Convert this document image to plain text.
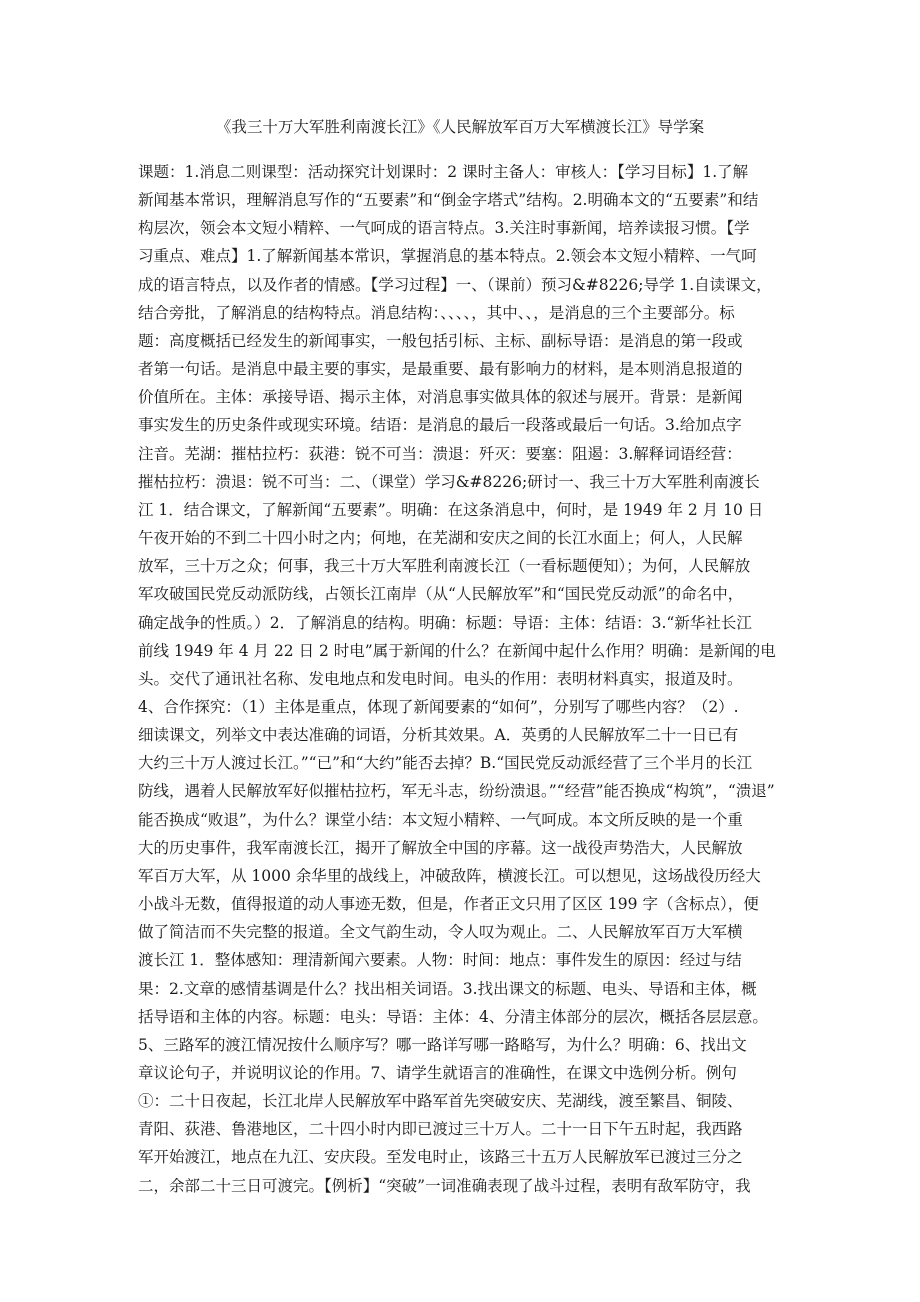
《我三十万大军胜利南渡长江》《人民解放军百万大军横渡长江》导学案
课题：1.消息二则课型：活动探究计划课时：2 课时主备人：审核人：【学习目标】1.了解
新闻基本常识，理解消息写作的“五要素”和“倒金字塔式”结构。2.明确本文的“五要素”和结
构层次，领会本文短小精粹、一气呵成的语言特点。3.关注时事新闻，培养读报习惯。【学
习重点、难点】1.了解新闻基本常识，掌握消息的基本特点。2.领会本文短小精粹、一气呵
成的语言特点，以及作者的情感。【学习过程】一、（课前）预习&#8226;导学 1.自读课文，
结合旁批，了解消息的结构特点。消息结构：、、、、，其中、、，是消息的三个主要部分。标
题：高度概括已经发生的新闻事实，一般包括引标、主标、副标导语：是消息的第一段或
者第一句话。是消息中最主要的事实，是最重要、最有影响力的材料，是本则消息报道的
价值所在。主体：承接导语、揭示主体，对消息事实做具体的叙述与展开。背景：是新闻
事实发生的历史条件或现实环境。结语：是消息的最后一段落或最后一句话。3.给加点字
注音。芜湖：摧枯拉朽：荻港：锐不可当：溃退：歼灭：要塞：阻遏：3.解释词语经营：
摧枯拉朽：溃退：锐不可当：二、（课堂）学习&#8226;研讨一、我三十万大军胜利南渡长
江 1．结合课文，了解新闻“五要素”。明确：在这条消息中，何时，是 1949 年 2 月 10 日
午夜开始的不到二十四小时之内；何地，在芜湖和安庆之间的长江水面上；何人，人民解
放军，三十万之众；何事，我三十万大军胜利南渡长江（一看标题便知）；为何，人民解放
军攻破国民党反动派防线，占领长江南岸（从“人民解放军”和“国民党反动派”的命名中，
确定战争的性质。）2．了解消息的结构。明确：标题：导语：主体：结语：3.“新华社长江
前线 1949 年 4 月 22 日 2 时电”属于新闻的什么？在新闻中起什么作用？明确：是新闻的电
头。交代了通讯社名称、发电地点和发电时间。电头的作用：表明材料真实，报道及时。
4、合作探究：（1）主体是重点，体现了新闻要素的“如何”，分别写了哪些内容？（2）.
细读课文，列举文中表达准确的词语，分析其效果。A．英勇的人民解放军二十一日已有
大约三十万人渡过长江。”“已”和“大约”能否去掉？B.“国民党反动派经营了三个半月的长江
防线，遇着人民解放军好似摧枯拉朽，军无斗志，纷纷溃退。”“经营”能否换成“构筑”，“溃退”
能否换成“败退”，为什么？课堂小结：本文短小精粹、一气呵成。本文所反映的是一个重
大的历史事件，我军南渡长江，揭开了解放全中国的序幕。这一战役声势浩大，人民解放
军百万大军，从 1000 余华里的战线上，冲破敌阵，横渡长江。可以想见，这场战役历经大
小战斗无数，值得报道的动人事迹无数，但是，作者正文只用了区区 199 字（含标点），便
做了简洁而不失完整的报道。全文气韵生动，令人叹为观止。二、人民解放军百万大军横
渡长江 1．整体感知：理清新闻六要素。人物：时间：地点：事件发生的原因：经过与结
果：2.文章的感情基调是什么？找出相关词语。3.找出课文的标题、电头、导语和主体，概
括导语和主体的内容。标题：电头：导语：主体：4、分清主体部分的层次，概括各层层意。
5、三路军的渡江情况按什么顺序写？哪一路详写哪一路略写，为什么？明确：6、找出文
章议论句子，并说明议论的作用。7、请学生就语言的准确性，在课文中选例分析。例句
①：二十日夜起，长江北岸人民解放军中路军首先突破安庆、芜湖线，渡至繁昌、铜陵、
青阳、荻港、鲁港地区，二十四小时内即已渡过三十万人。二十一日下午五时起，我西路
军开始渡江，地点在九江、安庆段。至发电时止，该路三十五万人民解放军已渡过三分之
二，余部二十三日可渡完。【例析】“突破”一词准确表现了战斗过程，表明有敌军防守，我
